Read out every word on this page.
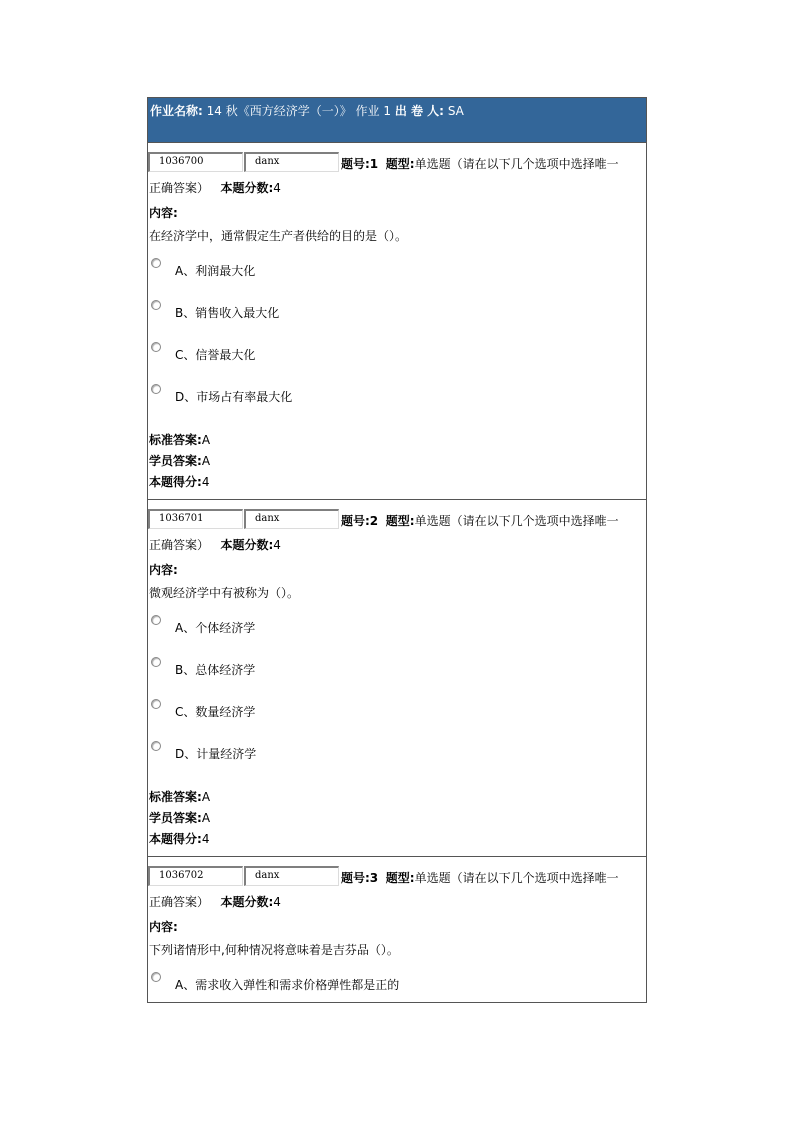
作业名称: 14 秋《西方经济学（一）》 作业 1 出 卷 人: SA
1036700	danx	题号:1 题型:单选题（请在以下几个选项中选择唯一
正确答案） 本题分数:4
内容:
在经济学中，通常假定生产者供给的目的是（）。
A、利润最大化
B、销售收入最大化
C、信誉最大化
D、市场占有率最大化
标准答案:A
学员答案:A
本题得分:4
1036701	danx	题号:2 题型:单选题（请在以下几个选项中选择唯一
正确答案） 本题分数:4
内容:
微观经济学中有被称为（）。
A、个体经济学
B、总体经济学
C、数量经济学
D、计量经济学
标准答案:A
学员答案:A
本题得分:4
1036702	danx	题号:3 题型:单选题（请在以下几个选项中选择唯一
正确答案） 本题分数:4
内容:
下列诸情形中,何种情况将意味着是吉芬品（）。
A、需求收入弹性和需求价格弹性都是正的
